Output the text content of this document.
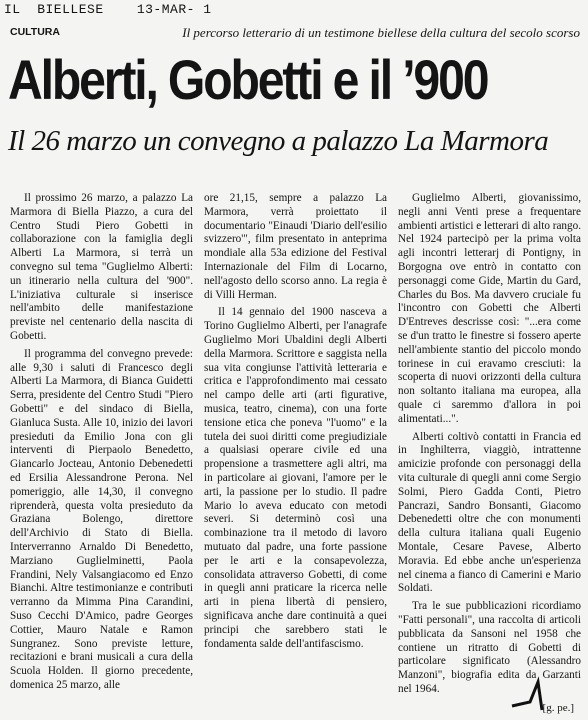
IL  BIELLESE    13-MAR- 1
CULTURA	Il percorso letterario di un testimone biellese della cultura del secolo scorso
Alberti, Gobetti e il ’900
Il 26 marzo un convegno a palazzo La Marmora

Il prossimo 26 marzo, a palazzo La Marmora di Biella Piazzo, a cura del Centro Studi Piero Gobetti in collaborazione con la famiglia degli Alberti La Marmora, si terrà un convegno sul tema "Guglielmo Alberti: un itinerario nella cultura del '900". L'iniziativa culturale si inserisce nell'ambito delle manifestazione previste nel centenario della nascita di Gobetti.

Il programma del convegno prevede: alle 9,30 i saluti di Francesco degli Alberti La Marmora, di Bianca Guidetti Serra, presidente del Centro Studi "Piero Gobetti" e del sindaco di Biella, Gianluca Susta. Alle 10, inizio dei lavori presieduti da Emilio Jona con gli interventi di Pierpaolo Benedetto, Giancarlo Jocteau, Antonio Debenedetti ed Ersilia Alessandrone Perona. Nel pomeriggio, alle 14,30, il convegno riprenderà, questa volta presieduto da Graziana Bolengo, direttore dell'Archivio di Stato di Biella. Interverranno Arnaldo Di Benedetto, Marziano Guglielminetti, Paola Frandini, Nely Valsangiacomo ed Enzo Bianchi. Altre testimonianze e contributi verranno da Mimma Pina Carandini, Suso Cecchi D'Amico, padre Georges Cottier, Mauro Natale e Ramon Sungranez. Sono previste letture, recitazioni e brani musicali a cura della Scuola Holden. Il giorno precedente, domenica 25 marzo, alle

ore 21,15, sempre a palazzo La Marmora, verrà proiettato il documentario "Einaudi 'Diario dell'esilio svizzero'", film presentato in anteprima mondiale alla 53a edizione del Festival Internazionale del Film di Locarno, nell'agosto dello scorso anno. La regia è di Villi Herman.

Il 14 gennaio del 1900 nasceva a Torino Guglielmo Alberti, per l'anagrafe Guglielmo Mori Ubaldini degli Alberti della Marmora. Scrittore e saggista nella sua vita congiunse l'attività letteraria e critica e l'approfondimento mai cessato nel campo delle arti (arti figurative, musica, teatro, cinema), con una forte tensione etica che poneva "l'uomo" e la tutela dei suoi diritti come pregiudiziale a qualsiasi operare civile ed una propensione a trasmettere agli altri, ma in particolare ai giovani, l'amore per le arti, la passione per lo studio. Il padre Mario lo aveva educato con metodi severi. Si determinò così una combinazione tra il metodo di lavoro mutuato dal padre, una forte passione per le arti e la consapevolezza, consolidata attraverso Gobetti, di come in quegli anni praticare la ricerca nelle arti in piena libertà di pensiero, significava anche dare continuità a quei principi che sarebbero stati le fondamenta salde dell'antifascismo.

Guglielmo Alberti, giovanissimo, negli anni Venti prese a frequentare ambienti artistici e letterari di alto rango. Nel 1924 partecipò per la prima volta agli incontri letterarj di Pontigny, in Borgogna ove entrò in contatto con personaggi come Gide, Martin du Gard, Charles du Bos. Ma davvero cruciale fu l'incontro con Gobetti che Alberti D'Entreves descrisse così: "...era come se d'un tratto le finestre si fossero aperte nell'ambiente stantio del piccolo mondo torinese in cui eravamo cresciuti: la scoperta di nuovi orizzonti della cultura non soltanto italiana ma europea, alla quale ci saremmo d'allora in poi alimentati...".

Alberti coltivò contatti in Francia ed in Inghilterra, viaggiò, intrattenne amicizie profonde con personaggi della vita culturale di quegli anni come Sergio Solmi, Piero Gadda Conti, Pietro Pancrazi, Sandro Bonsanti, Giacomo Debenedetti oltre che con monumenti della cultura italiana quali Eugenio Montale, Cesare Pavese, Alberto Moravia. Ed ebbe anche un'esperienza nel cinema a fianco di Camerini e Mario Soldati.

Tra le sue pubblicazioni ricordiamo "Fatti personali", una raccolta di articoli pubblicata da Sansoni nel 1958 che contiene un ritratto di Gobetti di particolare significato (Alessandro Manzoni", biografia edita da Garzanti nel 1964.

[g. pe.]
